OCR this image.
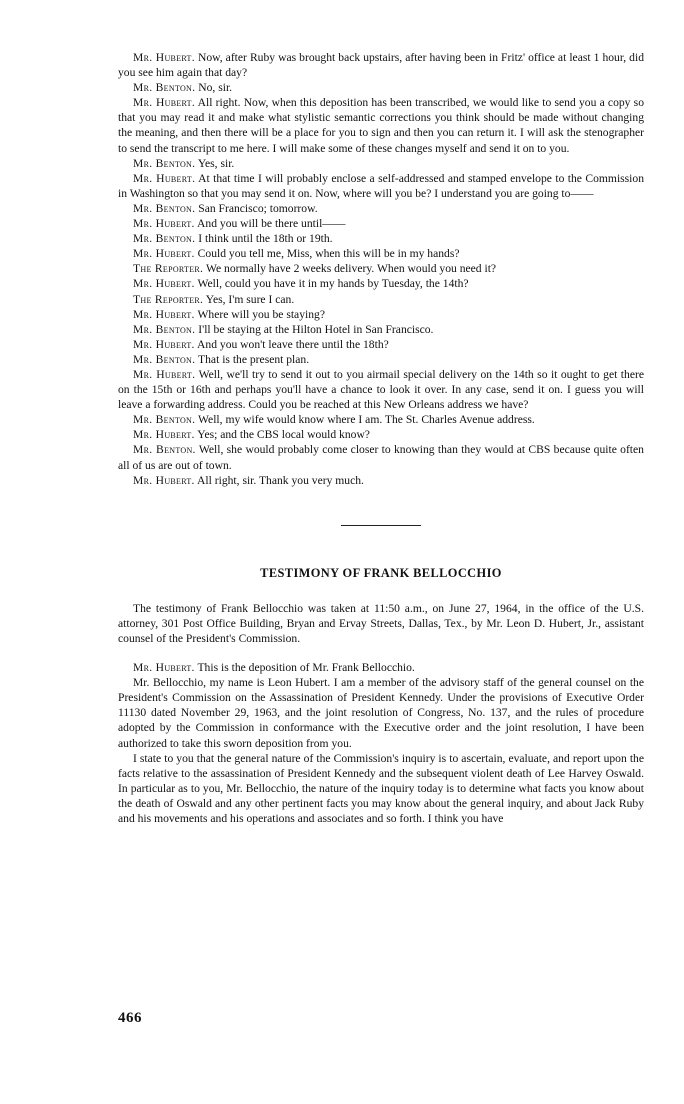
Mr. Hubert. Now, after Ruby was brought back upstairs, after having been in Fritz' office at least 1 hour, did you see him again that day?

Mr. Benton. No, sir.

Mr. Hubert. All right. Now, when this deposition has been transcribed, we would like to send you a copy so that you may read it and make what stylistic semantic corrections you think should be made without changing the meaning, and then there will be a place for you to sign and then you can return it. I will ask the stenographer to send the transcript to me here. I will make some of these changes myself and send it on to you.

Mr. Benton. Yes, sir.

Mr. Hubert. At that time I will probably enclose a self-addressed and stamped envelope to the Commission in Washington so that you may send it on. Now, where will you be? I understand you are going to——

Mr. Benton. San Francisco; tomorrow.

Mr. Hubert. And you will be there until——

Mr. Benton. I think until the 18th or 19th.

Mr. Hubert. Could you tell me, Miss, when this will be in my hands?

The Reporter. We normally have 2 weeks delivery. When would you need it?

Mr. Hubert. Well, could you have it in my hands by Tuesday, the 14th?

The Reporter. Yes, I'm sure I can.

Mr. Hubert. Where will you be staying?

Mr. Benton. I'll be staying at the Hilton Hotel in San Francisco.

Mr. Hubert. And you won't leave there until the 18th?

Mr. Benton. That is the present plan.

Mr. Hubert. Well, we'll try to send it out to you airmail special delivery on the 14th so it ought to get there on the 15th or 16th and perhaps you'll have a chance to look it over. In any case, send it on. I guess you will leave a forwarding address. Could you be reached at this New Orleans address we have?

Mr. Benton. Well, my wife would know where I am. The St. Charles Avenue address.

Mr. Hubert. Yes; and the CBS local would know?

Mr. Benton. Well, she would probably come closer to knowing than they would at CBS because quite often all of us are out of town.

Mr. Hubert. All right, sir. Thank you very much.

TESTIMONY OF FRANK BELLOCCHIO

The testimony of Frank Bellocchio was taken at 11:50 a.m., on June 27, 1964, in the office of the U.S. attorney, 301 Post Office Building, Bryan and Ervay Streets, Dallas, Tex., by Mr. Leon D. Hubert, Jr., assistant counsel of the President's Commission.

Mr. Hubert. This is the deposition of Mr. Frank Bellocchio.

Mr. Bellocchio, my name is Leon Hubert. I am a member of the advisory staff of the general counsel on the President's Commission on the Assassination of President Kennedy. Under the provisions of Executive Order 11130 dated November 29, 1963, and the joint resolution of Congress, No. 137, and the rules of procedure adopted by the Commission in conformance with the Executive order and the joint resolution, I have been authorized to take this sworn deposition from you.

I state to you that the general nature of the Commission's inquiry is to ascertain, evaluate, and report upon the facts relative to the assassination of President Kennedy and the subsequent violent death of Lee Harvey Oswald. In particular as to you, Mr. Bellocchio, the nature of the inquiry today is to determine what facts you know about the death of Oswald and any other pertinent facts you may know about the general inquiry, and about Jack Ruby and his movements and his operations and associates and so forth. I think you have

466
